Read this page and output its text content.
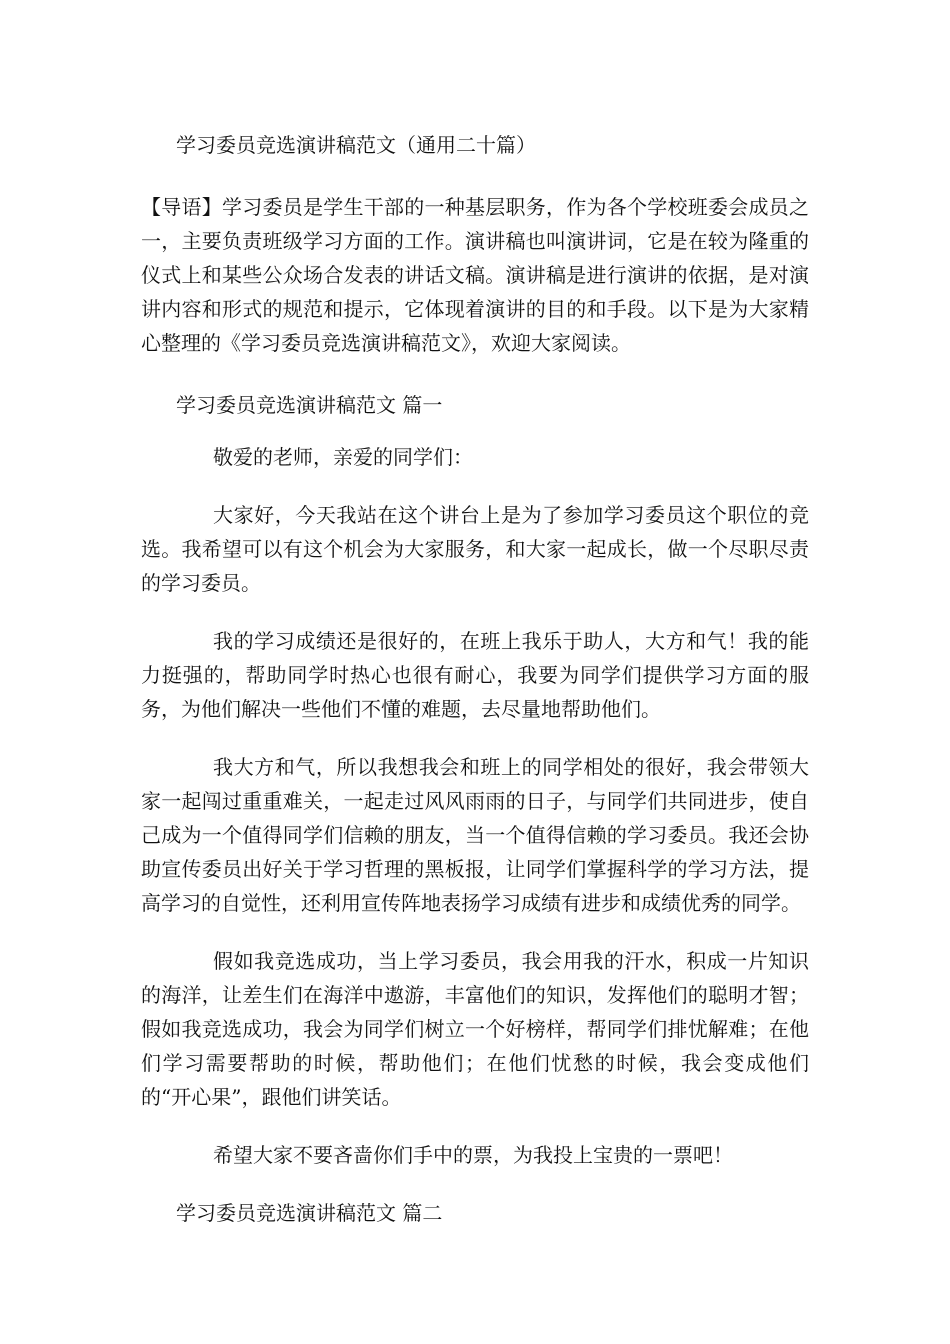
学习委员竞选演讲稿范文（通用二十篇）

【导语】学习委员是学生干部的一种基层职务，作为各个学校班委会成员之一，主要负责班级学习方面的工作。演讲稿也叫演讲词，它是在较为隆重的仪式上和某些公众场合发表的讲话文稿。演讲稿是进行演讲的依据，是对演讲内容和形式的规范和提示，它体现着演讲的目的和手段。以下是为大家精心整理的《学习委员竞选演讲稿范文》，欢迎大家阅读。

学习委员竞选演讲稿范文 篇一

敬爱的老师，亲爱的同学们：

大家好，今天我站在这个讲台上是为了参加学习委员这个职位的竞选。我希望可以有这个机会为大家服务，和大家一起成长，做一个尽职尽责的学习委员。

我的学习成绩还是很好的，在班上我乐于助人，大方和气！我的能力挺强的，帮助同学时热心也很有耐心，我要为同学们提供学习方面的服务，为他们解决一些他们不懂的难题，去尽量地帮助他们。

我大方和气，所以我想我会和班上的同学相处的很好，我会带领大家一起闯过重重难关，一起走过风风雨雨的日子，与同学们共同进步，使自己成为一个值得同学们信赖的朋友，当一个值得信赖的学习委员。我还会协助宣传委员出好关于学习哲理的黑板报，让同学们掌握科学的学习方法，提高学习的自觉性，还利用宣传阵地表扬学习成绩有进步和成绩优秀的同学。

假如我竞选成功，当上学习委员，我会用我的汗水，积成一片知识的海洋，让差生们在海洋中遨游，丰富他们的知识，发挥他们的聪明才智；假如我竞选成功，我会为同学们树立一个好榜样，帮同学们排忧解难；在他们学习需要帮助的时候，帮助他们；在他们忧愁的时候，我会变成他们的“开心果”，跟他们讲笑话。

希望大家不要吝啬你们手中的票，为我投上宝贵的一票吧！

学习委员竞选演讲稿范文 篇二
